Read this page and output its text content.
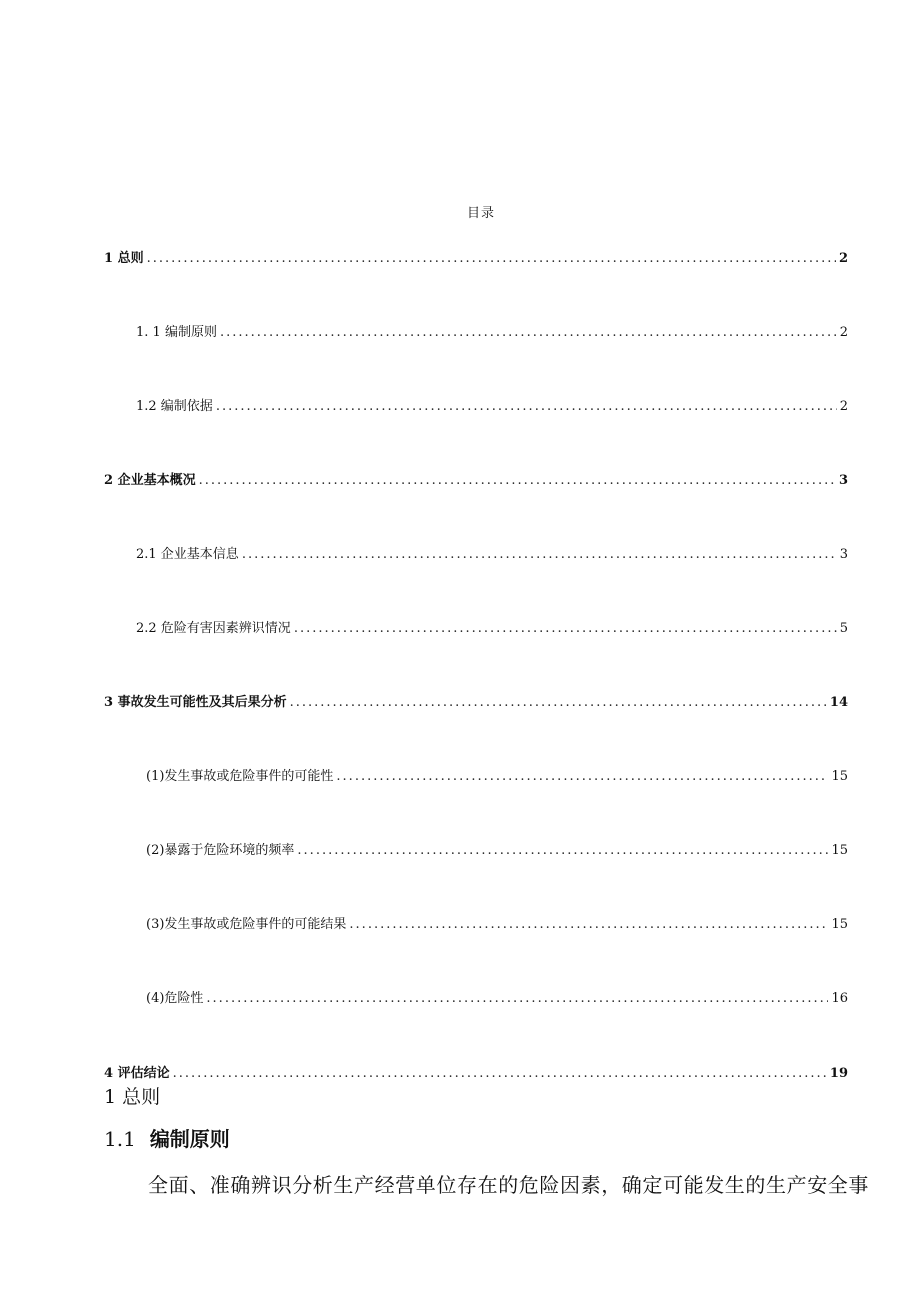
目录
1 总则 .....	2
1. 1 编制原则 .....	2
1.2 编制依据 .....	2
2 企业基本概况 .....	3
2.1 企业基本信息 .....	3
2.2 危险有害因素辨识情况 .....	5
3 事故发生可能性及其后果分析 .....	14
(1)发生事故或危险事件的可能性 .....	15
(2)暴露于危险环境的频率 .....	15
(3)发生事故或危险事件的可能结果 .....	15
(4)危险性 .....	16
4 评估结论 .....	19
1 总则
1.1 编制原则
全面、准确辨识分析生产经营单位存在的危险因素，确定可能发生的生产安全事
